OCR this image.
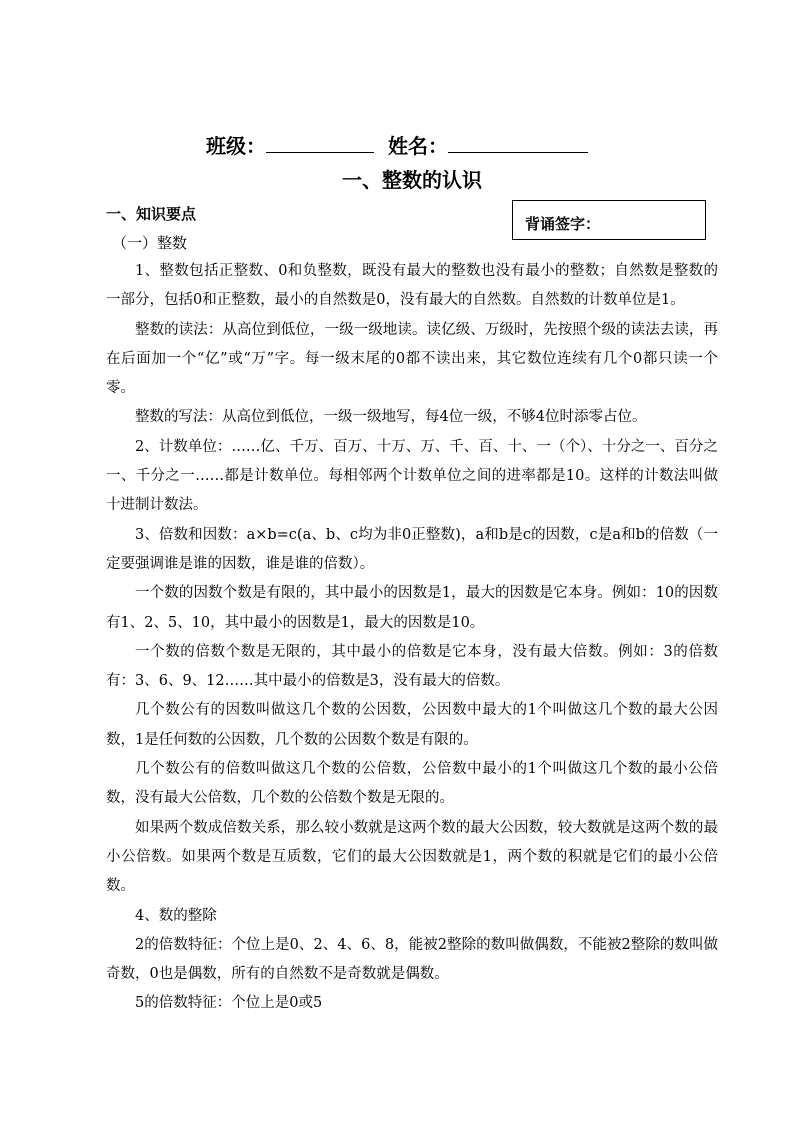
班级：	姓名：
一、整数的认识
一、知识要点
背诵签字：
（一）整数

1、整数包括正整数、0和负整数，既没有最大的整数也没有最小的整数；自然数是整数的一部分，包括0和正整数，最小的自然数是0，没有最大的自然数。自然数的计数单位是1。

整数的读法：从高位到低位，一级一级地读。读亿级、万级时，先按照个级的读法去读，再在后面加一个“亿”或“万”字。每一级末尾的0都不读出来，其它数位连续有几个0都只读一个零。

整数的写法：从高位到低位，一级一级地写，每4位一级，不够4位时添零占位。

2、计数单位：……亿、千万、百万、十万、万、千、百、十、一（个）、十分之一、百分之一、千分之一……都是计数单位。每相邻两个计数单位之间的进率都是10。这样的计数法叫做十进制计数法。

3、倍数和因数：a×b=c(a、b、c均为非0正整数)，a和b是c的因数，c是a和b的倍数（一定要强调谁是谁的因数，谁是谁的倍数）。

一个数的因数个数是有限的，其中最小的因数是1，最大的因数是它本身。例如：10的因数有1、2、5、10，其中最小的因数是1，最大的因数是10。

一个数的倍数个数是无限的，其中最小的倍数是它本身，没有最大倍数。例如：3的倍数有：3、6、9、12……其中最小的倍数是3，没有最大的倍数。

几个数公有的因数叫做这几个数的公因数，公因数中最大的1个叫做这几个数的最大公因数，1是任何数的公因数，几个数的公因数个数是有限的。

几个数公有的倍数叫做这几个数的公倍数，公倍数中最小的1个叫做这几个数的最小公倍数，没有最大公倍数，几个数的公倍数个数是无限的。

如果两个数成倍数关系，那么较小数就是这两个数的最大公因数，较大数就是这两个数的最小公倍数。如果两个数是互质数，它们的最大公因数就是1，两个数的积就是它们的最小公倍数。

4、数的整除

2的倍数特征：个位上是0、2、4、6、8，能被2整除的数叫做偶数，不能被2整除的数叫做奇数，0也是偶数，所有的自然数不是奇数就是偶数。

5的倍数特征：个位上是0或5
